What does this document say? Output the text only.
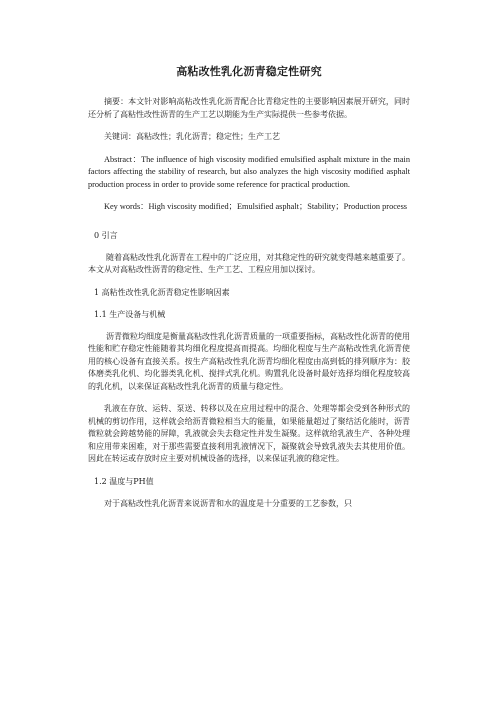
高粘改性乳化沥青稳定性研究

摘要：本文针对影响高粘改性乳化沥青配合比青稳定性的主要影响因素展开研究，同时还分析了高粘性改性沥青的生产工艺以期能为生产实际提供一些参考依据。

关键词：高粘改性；乳化沥青；稳定性；生产工艺

Abstract：The influence of high viscosity modified emulsified asphalt mixture in the main factors affecting the stability of research, but also analyzes the high viscosity modified asphalt production process in order to provide some reference for practical production.

Key words：High viscosity modified；Emulsified asphalt；Stability；Production process

0 引言

随着高粘改性乳化沥青在工程中的广泛应用，对其稳定性的研究就变得越来越重要了。本文从对高粘改性沥青的稳定性、生产工艺、工程应用加以探讨。

1 高粘性改性乳化沥青稳定性影响因素

1.1 生产设备与机械

沥青微粒均细度是衡量高粘改性乳化沥青质量的一项重要指标，高粘改性化沥青的使用性能和贮存稳定性能随着其均细化程度提高而提高。均细化程度与生产高粘改性乳化沥青使用的核心设备有直接关系。按生产高粘改性乳化沥青均细化程度由高到低的排列顺序为：胶体磨类乳化机、均化器类乳化机、搅拌式乳化机。购置乳化设备时最好选择均细化程度较高的乳化机，以来保证高粘改性乳化沥青的质量与稳定性。

乳液在存放、运转、泵送、转移以及在应用过程中的混合、处理等都会受到各种形式的机械的剪切作用，这样就会给沥青微粒相当大的能量，如果能量超过了聚结活化能时，沥青微粒就会跨越势能的屏障，乳液就会失去稳定性并发生凝聚。这样就给乳液生产、各种处理和应用带来困难，对于那些需要直接利用乳液情况下，凝聚就会导致乳液失去其使用价值。因此在转运或存放时应主要对机械设备的选择，以来保证乳液的稳定性。

1.2 温度与PH值

对于高粘改性乳化沥青来说沥青和水的温度是十分重要的工艺参数，只
